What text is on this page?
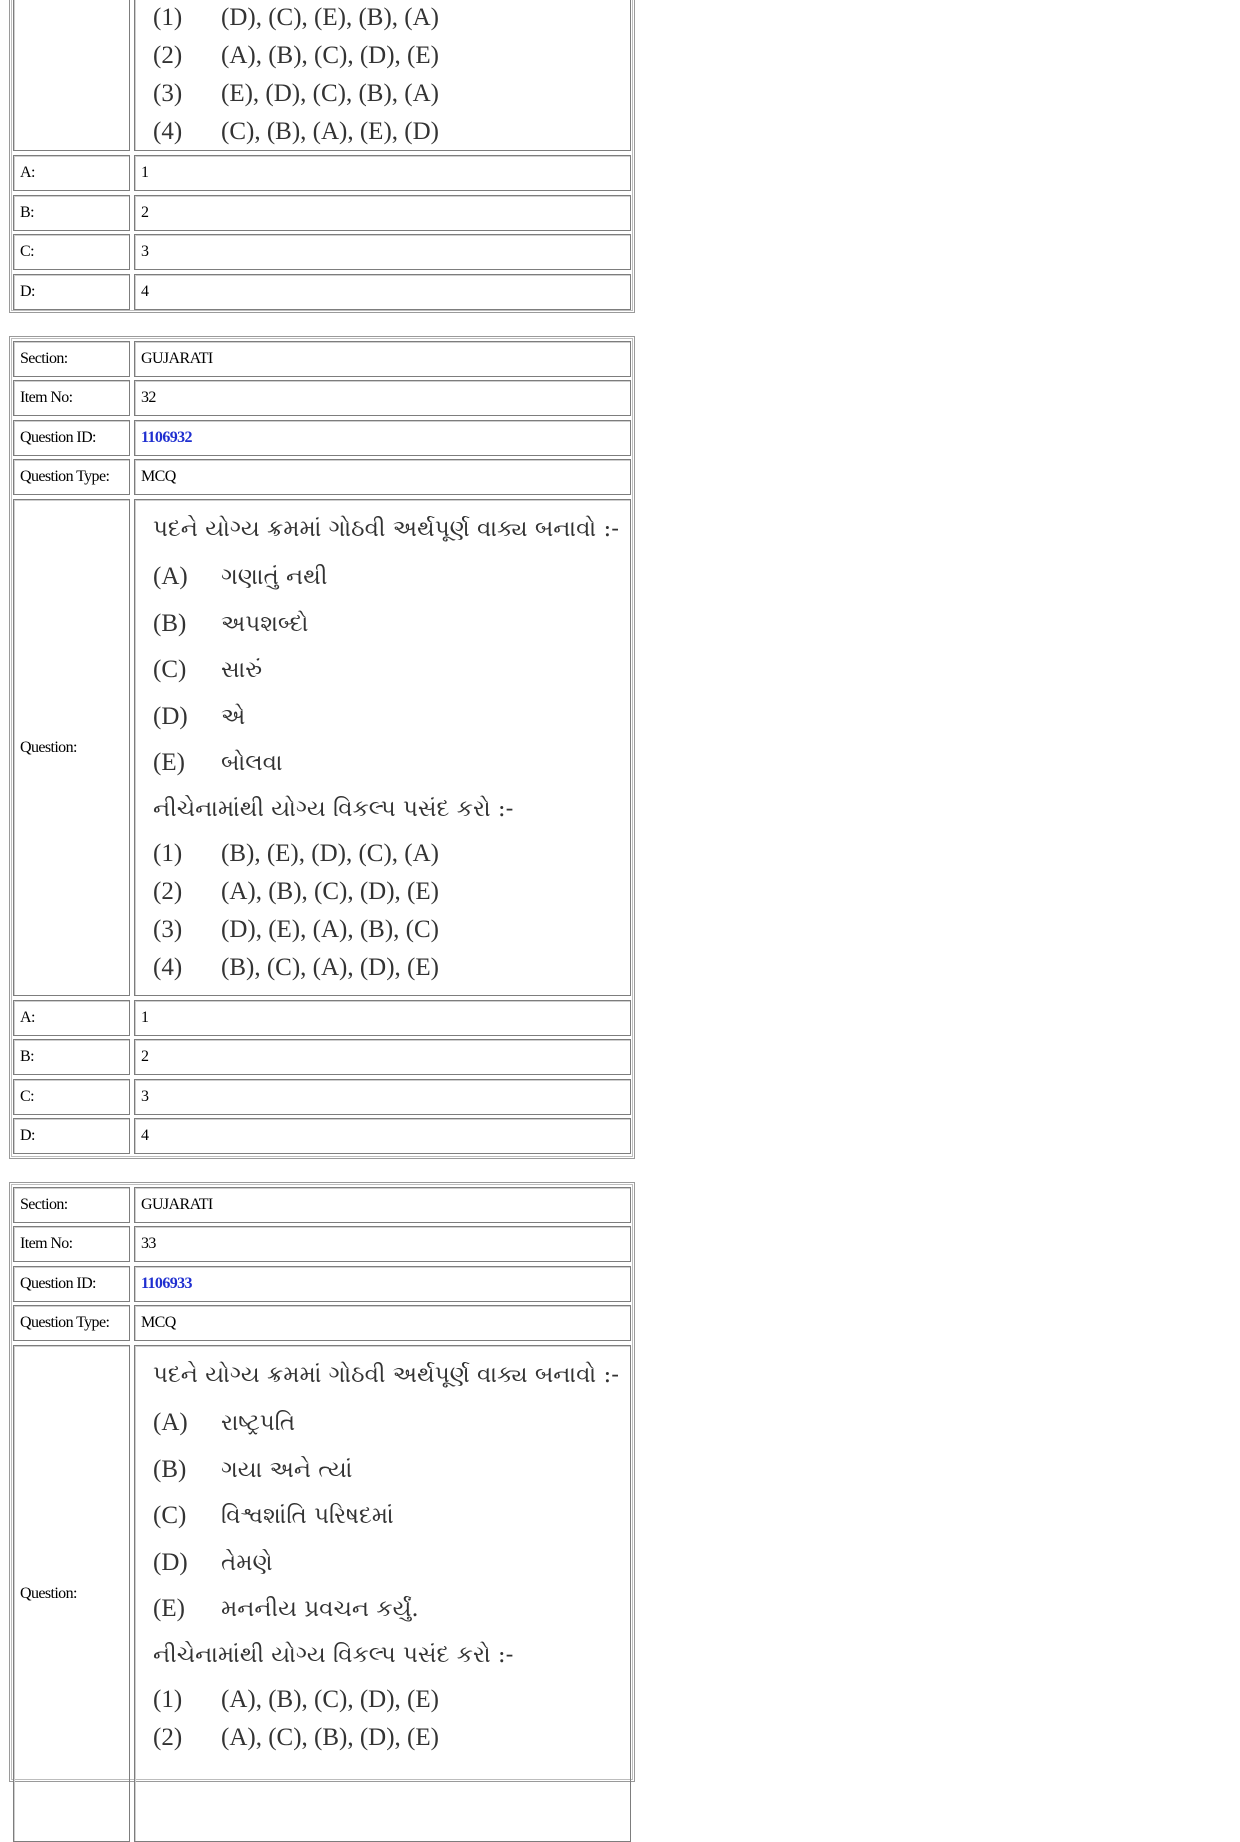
(1) (D), (C), (E), (B), (A)
(2) (A), (B), (C), (D), (E)
(3) (E), (D), (C), (B), (A)
(4) (C), (B), (A), (E), (D)
A:	1
B:	2
C:	3
D:	4
Section:	GUJARATI
Item No:	32
Question ID:	1106932
Question Type: MCQ
Question:
પદને યોગ્ય ક્રમમાં ગોઠવી અર્થપૂર્ણ વાક્ય બનાવો :-
(A) ગણાતું નથી
(B) અપશબ્દો
(C) સારું
(D) એ
(E) બોલવા
નીચેનામાંથી યોગ્ય વિકલ્પ પસંદ કરો :-
(1) (B), (E), (D), (C), (A)
(2) (A), (B), (C), (D), (E)
(3) (D), (E), (A), (B), (C)
(4) (B), (C), (A), (D), (E)
A:	1
B:	2
C:	3
D:	4
Section:	GUJARATI
Item No:	33
Question ID:	1106933
Question Type: MCQ
Question:
પદને યોગ્ય ક્રમમાં ગોઠવી અર્થપૂર્ણ વાક્ય બનાવો :-
(A) રાષ્ટ્રપતિ
(B) ગયા અને ત્યાં
(C) વિશ્વશાંતિ પરિષદમાં
(D) તેમણે
(E) મનનીય પ્રવચન કર્યું.
નીચેનામાંથી યોગ્ય વિકલ્પ પસંદ કરો :-
(1) (A), (B), (C), (D), (E)
(2) (A), (C), (B), (D), (E)
